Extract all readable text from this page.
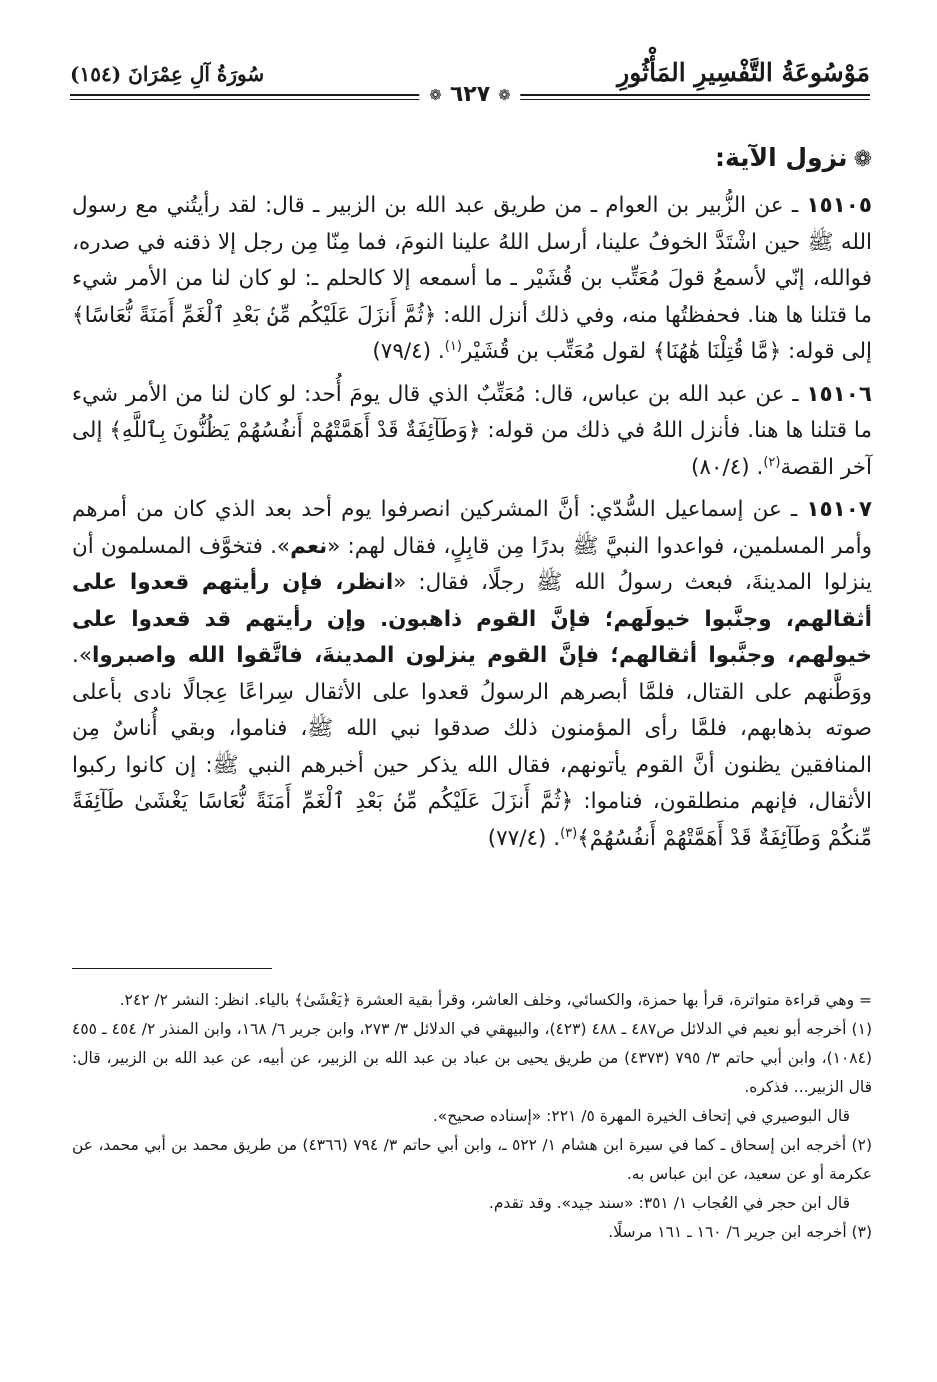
مَوْسُوعَةُ التَّفْسِيرِ المَأْثُورِ
سُورَةُ آلِ عِمْرَانَ (١٥٤)
❁
٦٢٧
❁
❁نزول الآية:

١٥١٠٥ ـ عن الزُّبير بن العوام ـ من طريق عبد الله بن الزبير ـ قال: لقد رأيتُني مع رسول الله ﷺ حين اشْتَدَّ الخوفُ علينا، أرسل اللهُ علينا النومَ، فما مِنّا مِن رجل إلا ذقنه في صدره، فوالله، إنّي لأسمعُ قولَ مُعَتِّب بن قُشَيْر ـ ما أسمعه إلا كالحلم ـ: لو كان لنا من الأمر شيء ما قتلنا ها هنا. فحفظتُها منه، وفي ذلك أنزل الله: ﴿ثُمَّ أَنزَلَ عَلَيْكُم مِّنۢ بَعْدِ ٱلْغَمِّ أَمَنَةً نُّعَاسًا﴾ إلى قوله: ﴿مَّا قُتِلْنَا هَٰهُنَا﴾ لقول مُعَتِّب بن قُشَيْر$^{(١)}$. (٧٩/٤)

١٥١٠٦ ـ عن عبد الله بن عباس، قال: مُعَتِّبٌ الذي قال يومَ أُحد: لو كان لنا من الأمر شيء ما قتلنا ها هنا. فأنزل اللهُ في ذلك من قوله: ﴿وَطَآئِفَةٌ قَدْ أَهَمَّتْهُمْ أَنفُسُهُمْ يَظُنُّونَ بِٱللَّهِ﴾ إلى آخر القصة$^{(٢)}$. (٨٠/٤)

١٥١٠٧ ـ عن إسماعيل السُّدّي: أنَّ المشركين انصرفوا يوم أحد بعد الذي كان من أمرهم وأمر المسلمين، فواعدوا النبيَّ ﷺ بدرًا مِن قابِلٍ، فقال لهم: «نعم». فتخوَّف المسلمون أن ينزلوا المدينةَ، فبعث رسولُ الله ﷺ رجلًا، فقال: «انظر، فإن رأيتهم قعدوا على أثقالهم، وجنَّبوا خيولَهم؛ فإنَّ القوم ذاهبون. وإن رأيتهم قد قعدوا على خيولهم، وجنَّبوا أثقالهم؛ فإنَّ القوم ينزلون المدينةَ، فاتَّقوا الله واصبروا». ووَطَّنهم على القتال، فلمَّا أبصرهم الرسولُ قعدوا على الأثقال سِراعًا عِجالًا نادى بأعلى صوته بذهابهم، فلمَّا رأى المؤمنون ذلك صدقوا نبي الله ﷺ، فناموا، وبقي أُناسٌ مِن المنافقين يظنون أنَّ القوم يأتونهم، فقال الله يذكر حين أخبرهم النبي ﷺ: إن كانوا ركبوا الأثقال، فإنهم منطلقون، فناموا: ﴿ثُمَّ أَنزَلَ عَلَيْكُم مِّنۢ بَعْدِ ٱلْغَمِّ أَمَنَةً نُّعَاسًا يَغْشَىٰ طَآئِفَةً مِّنكُمْ وَطَآئِفَةٌ قَدْ أَهَمَّتْهُمْ أَنفُسُهُمْ﴾$^{(٣)}$. (٧٧/٤)

= وهي قراءة متواترة، قرأ بها حمزة، والكسائي، وخلف العاشر، وقرأ بقية العشرة ﴿يَغْشَىٰ﴾ بالياء. انظر: النشر ٢/ ٢٤٢.

(١) أخرجه أبو نعيم في الدلائل ص٤٨٧ ـ ٤٨٨ (٤٢٣)، والبيهقي في الدلائل ٣/ ٢٧٣، وابن جرير ٦/ ١٦٨، وابن المنذر ٢/ ٤٥٤ ـ ٤٥٥ (١٠٨٤)، وابن أبي حاتم ٣/ ٧٩٥ (٤٣٧٣) من طريق يحيى بن عباد بن عبد الله بن الزبير، عن أبيه، عن عبد الله بن الزبير، قال: قال الزبير... فذكره.

قال البوصيري في إتحاف الخيرة المهرة ٥/ ٢٢١: «إسناده صحيح».

(٢) أخرجه ابن إسحاق ـ كما في سيرة ابن هشام ١/ ٥٢٢ ـ، وابن أبي حاتم ٣/ ٧٩٤ (٤٣٦٦) من طريق محمد بن أبي محمد، عن عكرمة أو عن سعيد، عن ابن عباس به.

قال ابن حجر في العُجاب ١/ ٣٥١: «سند جيد». وقد تقدم.

(٣) أخرجه ابن جرير ٦/ ١٦٠ ـ ١٦١ مرسلًا.
